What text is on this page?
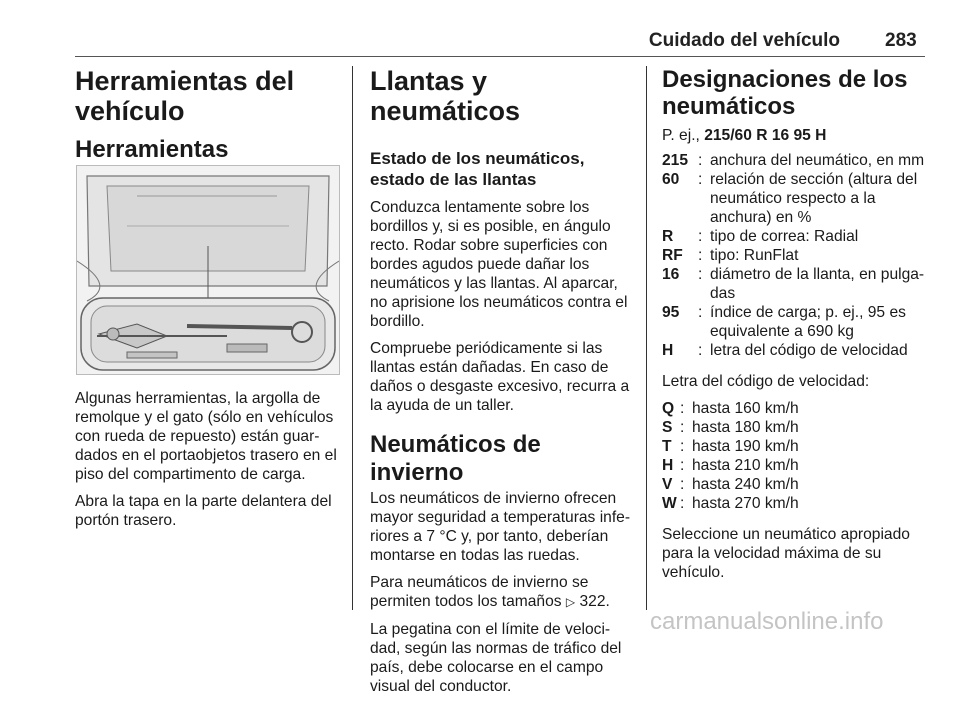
Cuidado del vehículo 283
Herramientas del vehículo
Herramientas

Algunas herramientas, la argolla de remolque y el gato (sólo en vehículos con rueda de repuesto) están guar-dados en el portaobjetos trasero en el piso del compartimento de carga.

Abra la tapa en la parte delantera del portón trasero.

Llantas y neumáticos
Estado de los neumáticos, estado de las llantas

Conduzca lentamente sobre los bordillos y, si es posible, en ángulo recto. Rodar sobre superficies con bordes agudos puede dañar los neumáticos y las llantas. Al aparcar, no aprisione los neumáticos contra el bordillo.

Compruebe periódicamente si las llantas están dañadas. En caso de daños o desgaste excesivo, recurra a la ayuda de un taller.

Neumáticos de invierno

Los neumáticos de invierno ofrecen mayor seguridad a temperaturas infe-riores a 7 °C y, por tanto, deberían montarse en todas las ruedas.

Para neumáticos de invierno se permiten todos los tamaños ▷ 322.

La pegatina con el límite de veloci-dad, según las normas de tráfico del país, debe colocarse en el campo visual del conductor.

Designaciones de los neumáticos

P. ej., 215/60 R 16 95 H

215 : anchura del neumático, en mm
60	: relación de sección (altura del neumático respecto a la anchura) en %
R	: tipo de correa: Radial
RF : tipo: RunFlat
16	: diámetro de la llanta, en pulga-das
95	: índice de carga; p. ej., 95 es equivalente a 690 kg
H	: letra del código de velocidad

Letra del código de velocidad:

Q : hasta 160 km/h
S : hasta 180 km/h
T : hasta 190 km/h
H : hasta 210 km/h
V : hasta 240 km/h
W : hasta 270 km/h

Seleccione un neumático apropiado para la velocidad máxima de su vehículo.

carmanualsonline.info
